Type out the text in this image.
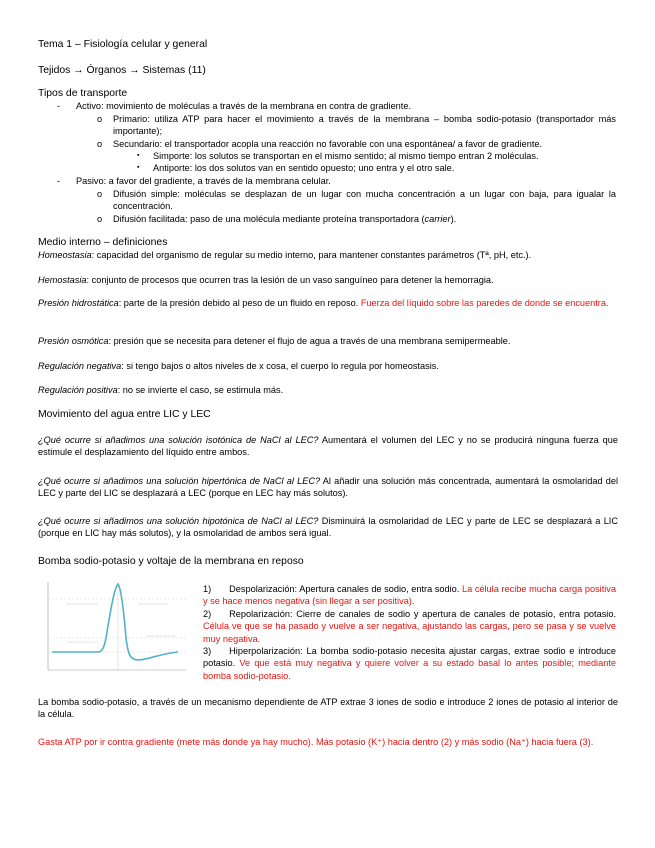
Tema 1 – Fisiología celular y general
Tejidos → Órganos → Sistemas (11)
Tipos de transporte
- Activo: movimiento de moléculas a través de la membrana en contra de gradiente.
o Primario: utiliza ATP para hacer el movimiento a través de la membrana – bomba sodio-potasio (transportador más importante);
o Secundario: el transportador acopla una reacción no favorable con una espontánea/ a favor de gradiente.
▪ Simporte: los solutos se transportan en el mismo sentido; al mismo tiempo entran 2 moléculas.
▪ Antiporte: los dos solutos van en sentido opuesto; uno entra y el otro sale.
- Pasivo: a favor del gradiente, a través de la membrana celular.
o Difusión simple: moléculas se desplazan de un lugar con mucha concentración a un lugar con baja, para igualar la concentración.
o Difusión facilitada: paso de una molécula mediante proteína transportadora (carrier).
Medio interno – definiciones
Homeostasia: capacidad del organismo de regular su medio interno, para mantener constantes parámetros (Tª, pH, etc.).
Hemostasia: conjunto de procesos que ocurren tras la lesión de un vaso sanguíneo para detener la hemorragia.
Presión hidrostática: parte de la presión debido al peso de un fluido en reposo. Fuerza del líquido sobre las paredes de donde se encuentra.
Presión osmótica: presión que se necesita para detener el flujo de agua a través de una membrana semipermeable.
Regulación negativa: si tengo bajos o altos niveles de x cosa, el cuerpo lo regula por homeostasis.
Regulación positiva: no se invierte el caso, se estimula más.
Movimiento del agua entre LIC y LEC
¿Qué ocurre si añadimos una solución isotónica de NaCl al LEC? Aumentará el volumen del LEC y no se producirá ninguna fuerza que estimule el desplazamiento del líquido entre ambos.
¿Qué ocurre si añadimos una solución hipertónica de NaCl al LEC? Al añadir una solución más concentrada, aumentará la osmolaridad del LEC y parte del LIC se desplazará a LEC (porque en LEC hay más solutos).
¿Qué ocurre si añadimos una solución hipotónica de NaCl al LEC? Disminuirá la osmolaridad de LEC y parte de LEC se desplazará a LIC (porque en LIC hay más solutos), y la osmolaridad de ambos será igual.
Bomba sodio-potasio y voltaje de la membrana en reposo
1) Despolarización: Apertura canales de sodio, entra sodio. La célula recibe mucha carga positiva y se hace menos negativa (sin llegar a ser positiva).
2) Repolarización: Cierre de canales de sodio y apertura de canales de potasio, entra potasio. Célula ve que se ha pasado y vuelve a ser negativa, ajustando las cargas, pero se pasa y se vuelve muy negativa.
3) Hiperpolarización: La bomba sodio-potasio necesita ajustar cargas, extrae sodio e introduce potasio. Ve que está muy negativa y quiere volver a su estado basal lo antes posible; mediante bomba sodio-potasio.
La bomba sodio-potasio, a través de un mecanismo dependiente de ATP extrae 3 iones de sodio e introduce 2 iones de potasio al interior de la célula.
Gasta ATP por ir contra gradiente (mete más donde ya hay mucho). Más potasio (K⁺) hacia dentro (2) y más sodio (Na⁺) hacia fuera (3).
